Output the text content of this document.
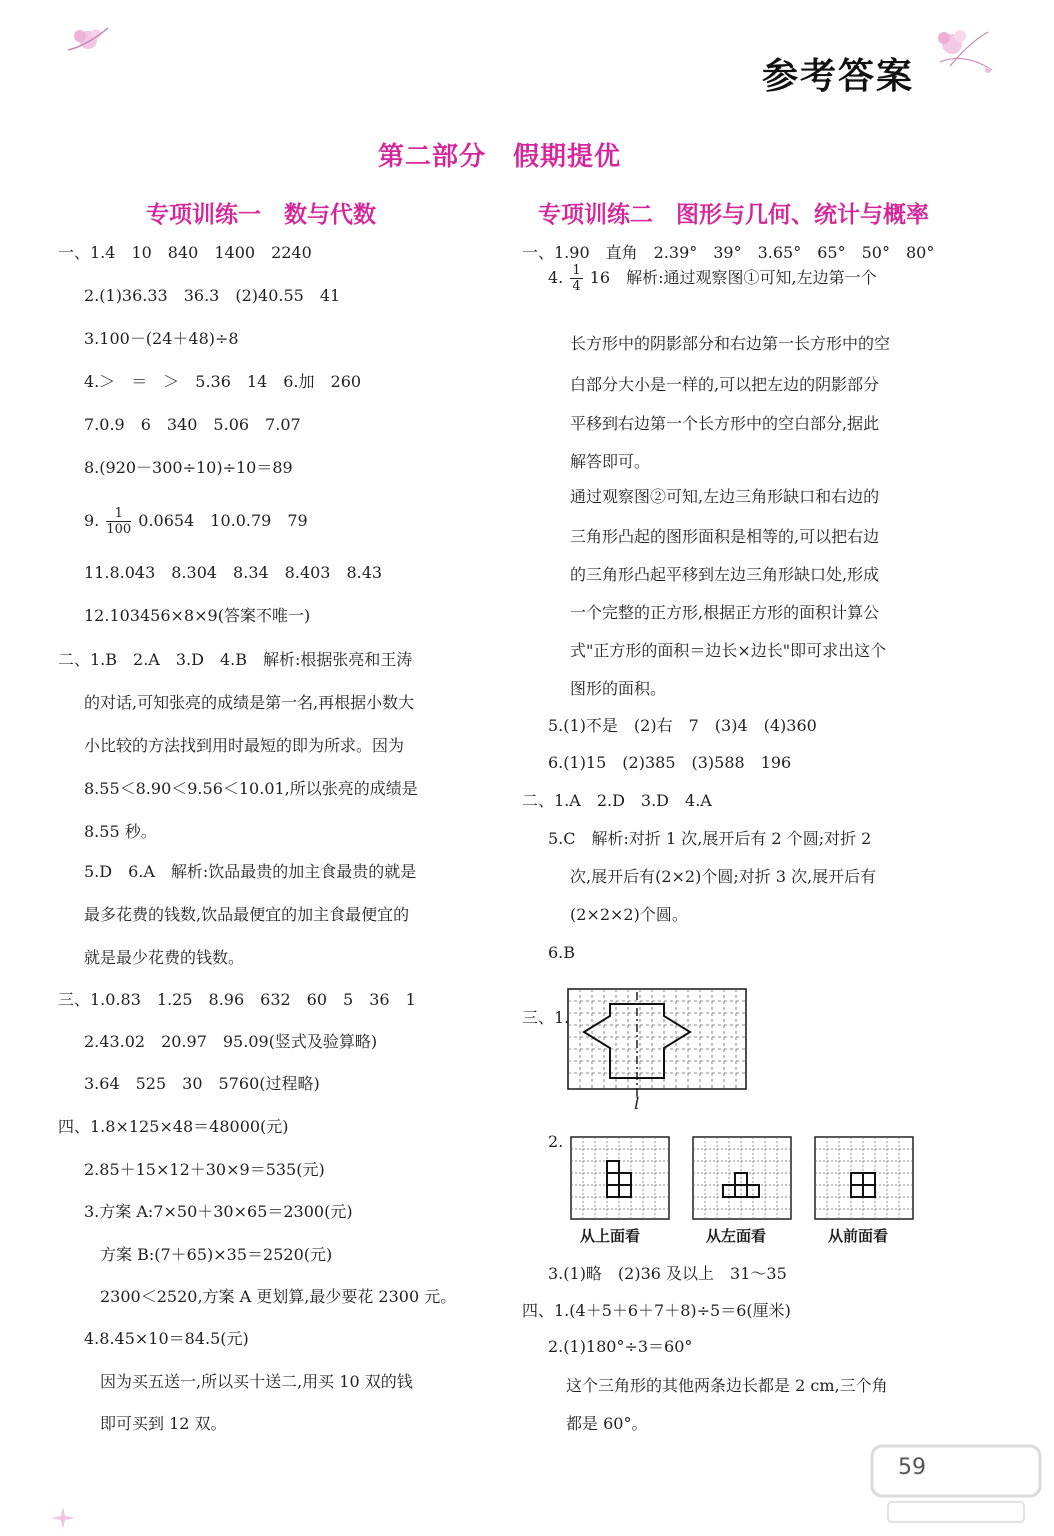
参考答案
第二部分　假期提优
专项训练一　数与代数
一、1.4　10　840　1400　2240
2.(1)36.33　36.3　(2)40.55　41
3.100－(24＋48)÷8
4.＞　＝　＞　5.36　14　6.加　260
7.0.9　6　340　5.06　7.07
8.(920－300÷10)÷10＝89
9. $\frac{1}{100} 0.0654$　10.0.79　79
11.8.043　8.304　8.34　8.403　8.43
12.103456×8×9(答案不唯一)
二、1.B　2.A　3.D　4.B　解析:根据张亮和王涛
的对话,可知张亮的成绩是第一名,再根据小数大
小比较的方法找到用时最短的即为所求。因为
8.55＜8.90＜9.56＜10.01,所以张亮的成绩是
8.55 秒。
5.D　6.A　解析:饮品最贵的加主食最贵的就是
最多花费的钱数,饮品最便宜的加主食最便宜的
就是最少花费的钱数。
三、1.0.83　1.25　8.96　632　60　5　36　1
2.43.02　20.97　95.09(竖式及验算略)
3.64　525　30　5760(过程略)
四、1.8×125×48＝48000(元)
2.85＋15×12＋30×9＝535(元)
3.方案 A:7×50＋30×65＝2300(元)
方案 B:(7＋65)×35＝2520(元)
2300＜2520,方案 A 更划算,最少要花 2300 元。
4.8.45×10＝84.5(元)
因为买五送一,所以买十送二,用买 10 双的钱
即可买到 12 双。
专项训练二　图形与几何、统计与概率
一、1.90　直角　2.39°　39°　3.65°　65°　50°　80°
4. $\frac{1}{4} 16$　解析:通过观察图①可知,左边第一个
长方形中的阴影部分和右边第一长方形中的空
白部分大小是一样的,可以把左边的阴影部分
平移到右边第一个长方形中的空白部分,据此
解答即可。
通过观察图②可知,左边三角形缺口和右边的
三角形凸起的图形面积是相等的,可以把右边
的三角形凸起平移到左边三角形缺口处,形成
一个完整的正方形,根据正方形的面积计算公
式"正方形的面积＝边长×边长"即可求出这个
图形的面积。
5.(1)不是　(2)右　7　(3)4　(4)360
6.(1)15　(2)385　(3)588　196
二、1.A　2.D　3.D　4.A
5.C　解析:对折 1 次,展开后有 2 个圆;对折 2
次,展开后有(2×2)个圆;对折 3 次,展开后有
(2×2×2)个圆。
6.B
三、1.
l
2.
从上面看	从左面看	从前面看
3.(1)略　(2)36 及以上　31～35
四、1.(4＋5＋6＋7＋8)÷5＝6(厘米)
2.(1)180°÷3＝60°
这个三角形的其他两条边长都是 2 cm,三个角
都是 60°。
59
